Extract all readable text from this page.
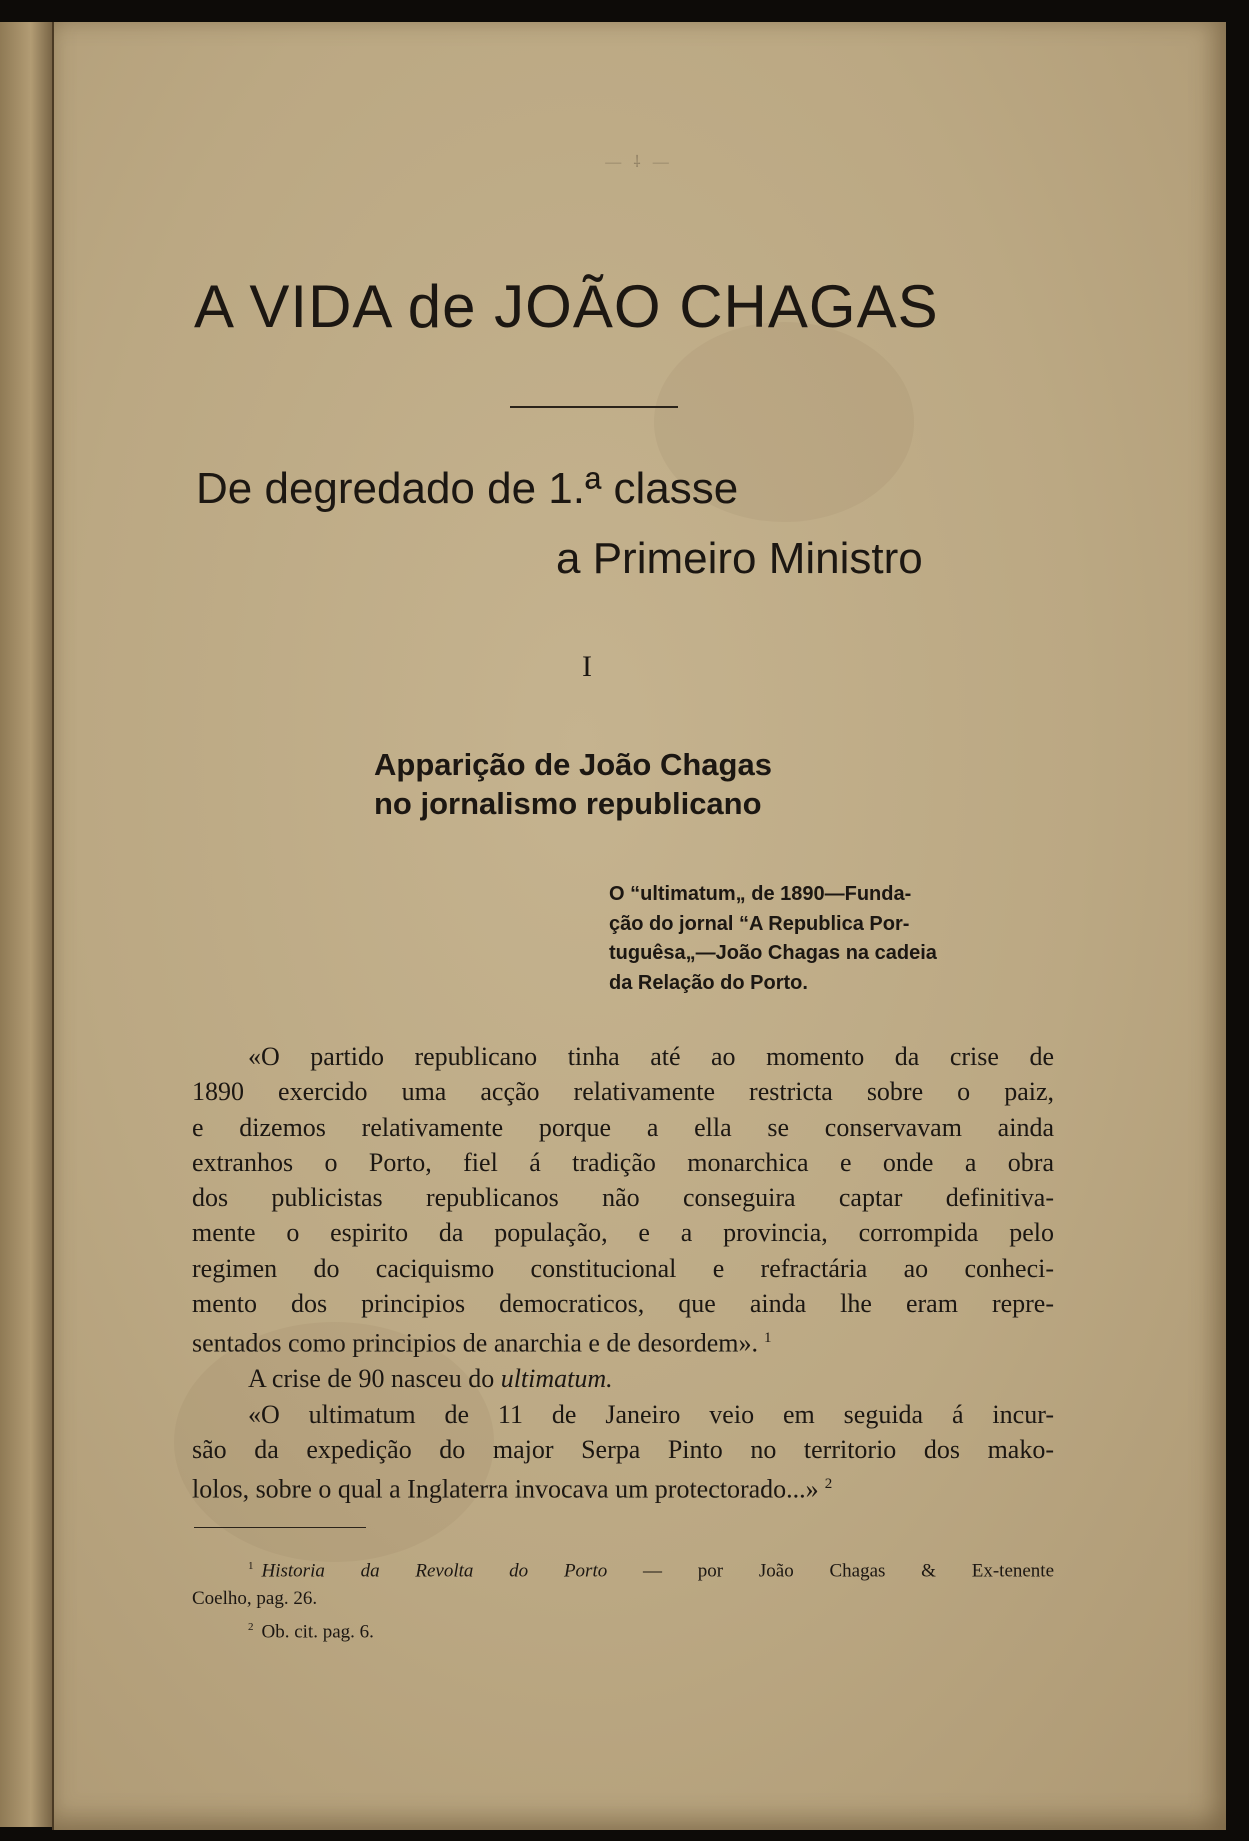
— ⸸ —
A VIDA de JOÃO CHAGAS
De degredado de 1.ª classe
a Primeiro Ministro
I
Apparição de João Chagas
no jornalismo republicano

O “ultimatum„ de 1890—Funda-
ção do jornal “A Republica Por-
tuguêsa„—João Chagas na cadeia
da Relação do Porto.

«O partido republicano tinha até ao momento da crise de
1890 exercido uma acção relativamente restricta sobre o paiz,
e dizemos relativamente porque a ella se conservavam ainda
extranhos o Porto, fiel á tradição monarchica e onde a obra
dos publicistas republicanos não conseguira captar definitiva-
mente o espirito da população, e a provincia, corrompida pelo
regimen do caciquismo constitucional e refractária ao conheci-
mento dos principios democraticos, que ainda lhe eram repre-
sentados como principios de anarchia e de desordem». $^1$
A crise de 90 nasceu do ultimatum.
«O ultimatum de 11 de Janeiro veio em seguida á incur-
são da expedição do major Serpa Pinto no territorio dos mako-
lolos, sobre o qual a Inglaterra invocava um protectorado...» $^2$
$^1$ Historia da Revolta do Porto — por João Chagas & Ex-tenente
Coelho, pag. 26.
$^2$ Ob. cit. pag. 6.
